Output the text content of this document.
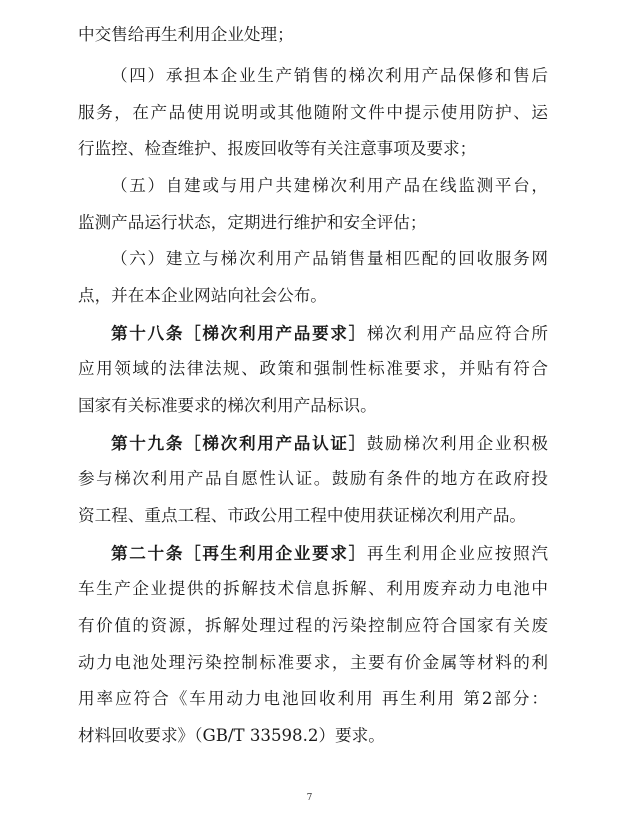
中交售给再生利用企业处理；
（四）承担本企业生产销售的梯次利用产品保修和售后
服务，在产品使用说明或其他随附文件中提示使用防护、运
行监控、检查维护、报废回收等有关注意事项及要求；
（五）自建或与用户共建梯次利用产品在线监测平台，
监测产品运行状态，定期进行维护和安全评估；
（六）建立与梯次利用产品销售量相匹配的回收服务网
点，并在本企业网站向社会公布。
第十八条［梯次利用产品要求］梯次利用产品应符合所
应用领域的法律法规、政策和强制性标准要求，并贴有符合
国家有关标准要求的梯次利用产品标识。
第十九条［梯次利用产品认证］鼓励梯次利用企业积极
参与梯次利用产品自愿性认证。鼓励有条件的地方在政府投
资工程、重点工程、市政公用工程中使用获证梯次利用产品。
第二十条［再生利用企业要求］再生利用企业应按照汽
车生产企业提供的拆解技术信息拆解、利用废弃动力电池中
有价值的资源，拆解处理过程的污染控制应符合国家有关废
动力电池处理污染控制标准要求，主要有价金属等材料的利
用率应符合《车用动力电池回收利用 再生利用 第2部分：
材料回收要求》（GB/T 33598.2）要求。
7
